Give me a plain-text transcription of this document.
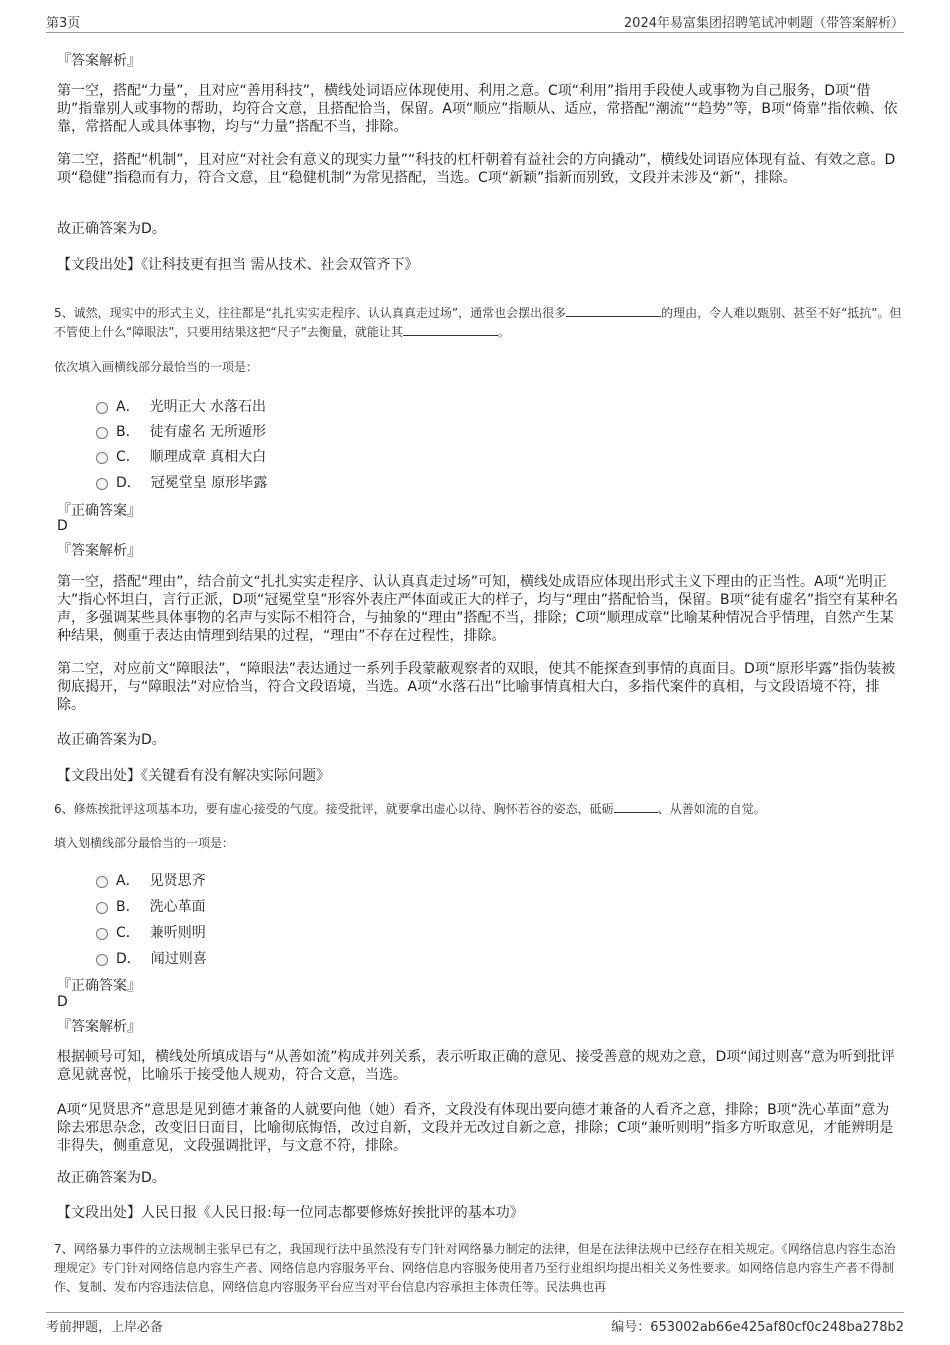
第3页	2024年易富集团招聘笔试冲刺题（带答案解析）
『答案解析』
第一空，搭配“力量”，且对应“善用科技”，横线处词语应体现使用、利用之意。C项“利用”指用手段使人或事物为自己服务，D项“借助”指靠别人或事物的帮助，均符合文意，且搭配恰当，保留。A项“顺应”指顺从、适应，常搭配“潮流”“趋势”等，B项“倚靠”指依赖、依靠，常搭配人或具体事物，均与“力量”搭配不当，排除。
第二空，搭配“机制”，且对应“对社会有意义的现实力量”“科技的杠杆朝着有益社会的方向撬动”，横线处词语应体现有益、有效之意。D项“稳健”指稳而有力，符合文意，且“稳健机制”为常见搭配，当选。C项“新颖”指新而别致，文段并未涉及“新”，排除。
故正确答案为D。
【文段出处】《让科技更有担当 需从技术、社会双管齐下》
5、诚然，现实中的形式主义，往往都是“扎扎实实走程序、认认真真走过场”，通常也会摆出很多	的理由，令人难以甄别、甚至不好“抵抗”。但不管使上什么“障眼法”，只要用结果这把“尺子”去衡量，就能让其	。
依次填入画横线部分最恰当的一项是：
A． 光明正大 水落石出
B． 徒有虚名 无所遁形
C． 顺理成章 真相大白
D． 冠冕堂皇 原形毕露
『正确答案』
D
『答案解析』
第一空，搭配“理由”，结合前文“扎扎实实走程序、认认真真走过场”可知，横线处成语应体现出形式主义下理由的正当性。A项“光明正大”指心怀坦白，言行正派，D项“冠冕堂皇”形容外表庄严体面或正大的样子，均与“理由”搭配恰当，保留。B项“徒有虚名”指空有某种名声，多强调某些具体事物的名声与实际不相符合，与抽象的“理由”搭配不当，排除；C项“顺理成章”比喻某种情况合乎情理，自然产生某种结果，侧重于表达由情理到结果的过程，“理由”不存在过程性，排除。
第二空，对应前文“障眼法”，“障眼法”表达通过一系列手段蒙蔽观察者的双眼，使其不能探查到事情的真面目。D项“原形毕露”指伪装被彻底揭开，与“障眼法”对应恰当，符合文段语境，当选。A项“水落石出”比喻事情真相大白，多指代案件的真相，与文段语境不符，排除。
故正确答案为D。
【文段出处】《关键看有没有解决实际问题》
6、修炼挨批评这项基本功，要有虚心接受的气度。接受批评，就要拿出虚心以待、胸怀若谷的姿态，砥砺	、从善如流的自觉。
填入划横线部分最恰当的一项是：
A． 见贤思齐
B． 洗心革面
C． 兼听则明
D． 闻过则喜
『正确答案』
D
『答案解析』
根据顿号可知，横线处所填成语与“从善如流”构成并列关系，表示听取正确的意见、接受善意的规劝之意，D项“闻过则喜”意为听到批评意见就喜悦，比喻乐于接受他人规劝，符合文意，当选。
A项“见贤思齐”意思是见到德才兼备的人就要向他（她）看齐，文段没有体现出要向德才兼备的人看齐之意，排除；B项“洗心革面”意为除去邪思杂念，改变旧日面目，比喻彻底悔悟，改过自新，文段并无改过自新之意，排除；C项“兼听则明”指多方听取意见，才能辨明是非得失，侧重意见，文段强调批评，与文意不符，排除。
故正确答案为D。
【文段出处】人民日报《人民日报:每一位同志都要修炼好挨批评的基本功》
7、网络暴力事件的立法规制主张早已有之，我国现行法中虽然没有专门针对网络暴力制定的法律，但是在法律法规中已经存在相关规定。《网络信息内容生态治理规定》专门针对网络信息内容生产者、网络信息内容服务平台、网络信息内容服务使用者乃至行业组织均提出相关义务性要求。如网络信息内容生产者不得制作、复制、发布内容违法信息，网络信息内容服务平台应当对平台信息内容承担主体责任等。民法典也再
考前押题，上岸必备	编号：653002ab66e425af80cf0c248ba278b2
